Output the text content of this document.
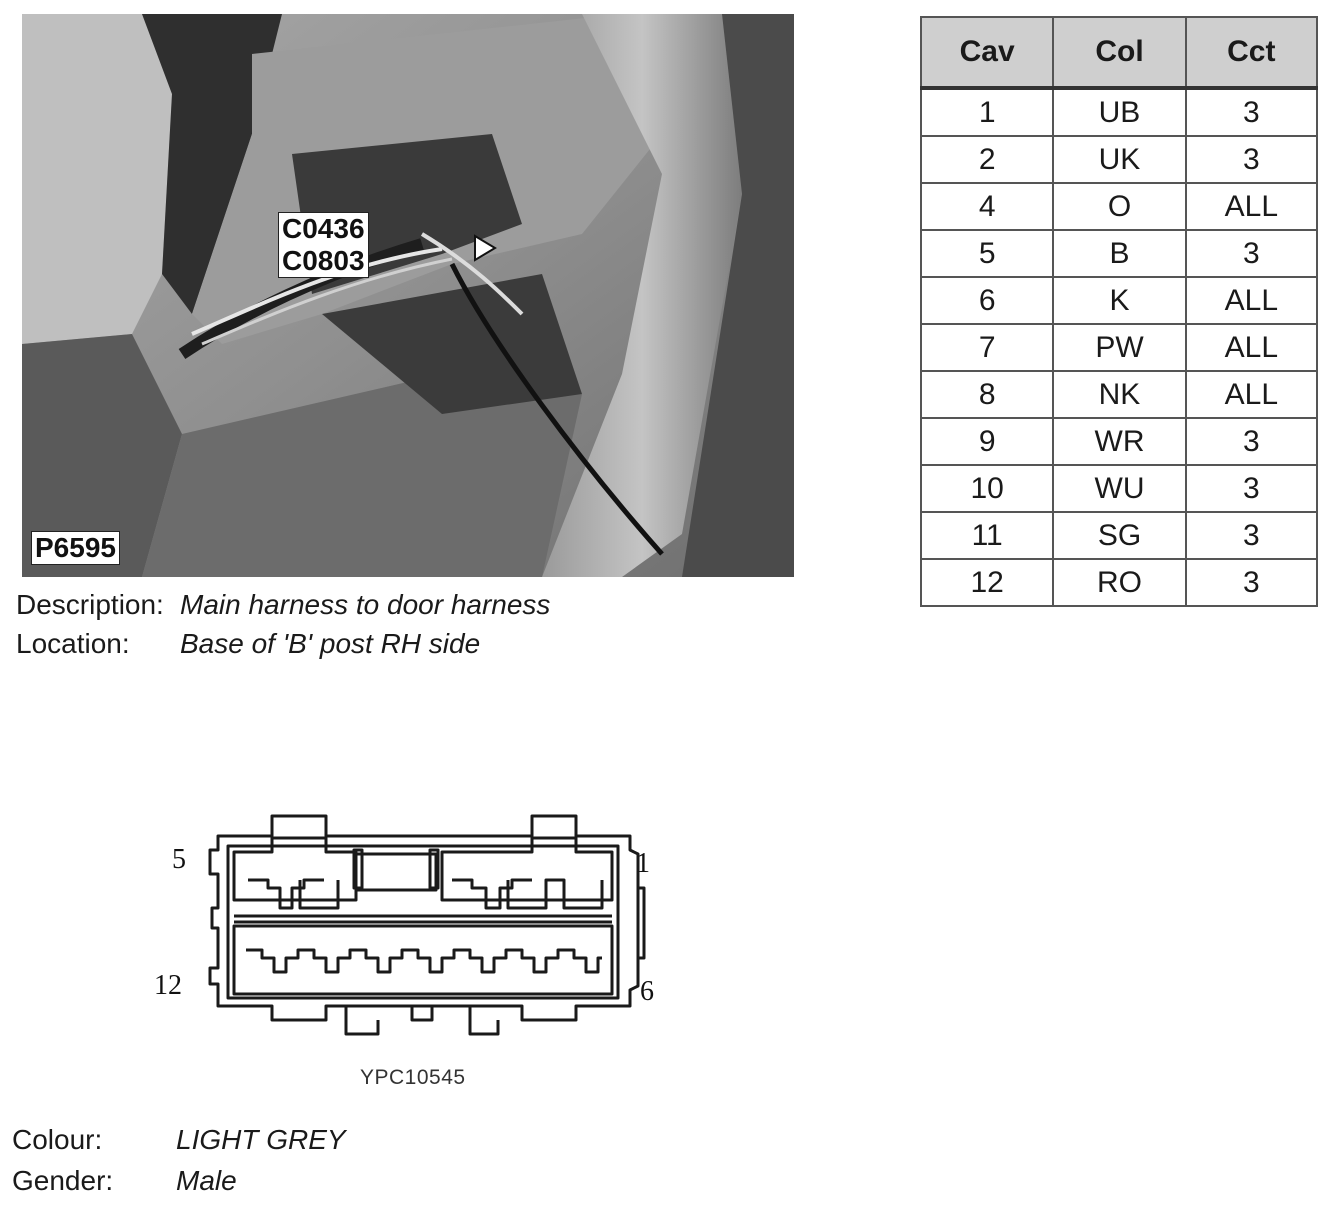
C0436
C0803
P6595
Description: Main harness to door harness
Location: Base of 'B' post RH side
Cav	Col	Cct
1	UB	3
2	UK	3
4	O	ALL
5	B	3
6	K	ALL
7	PW	ALL
8	NK	ALL
9	WR	3
10	WU	3
11	SG	3
12	RO	3
5	1
12	6
YPC10545
Colour:	LIGHT GREY
Gender: Male
